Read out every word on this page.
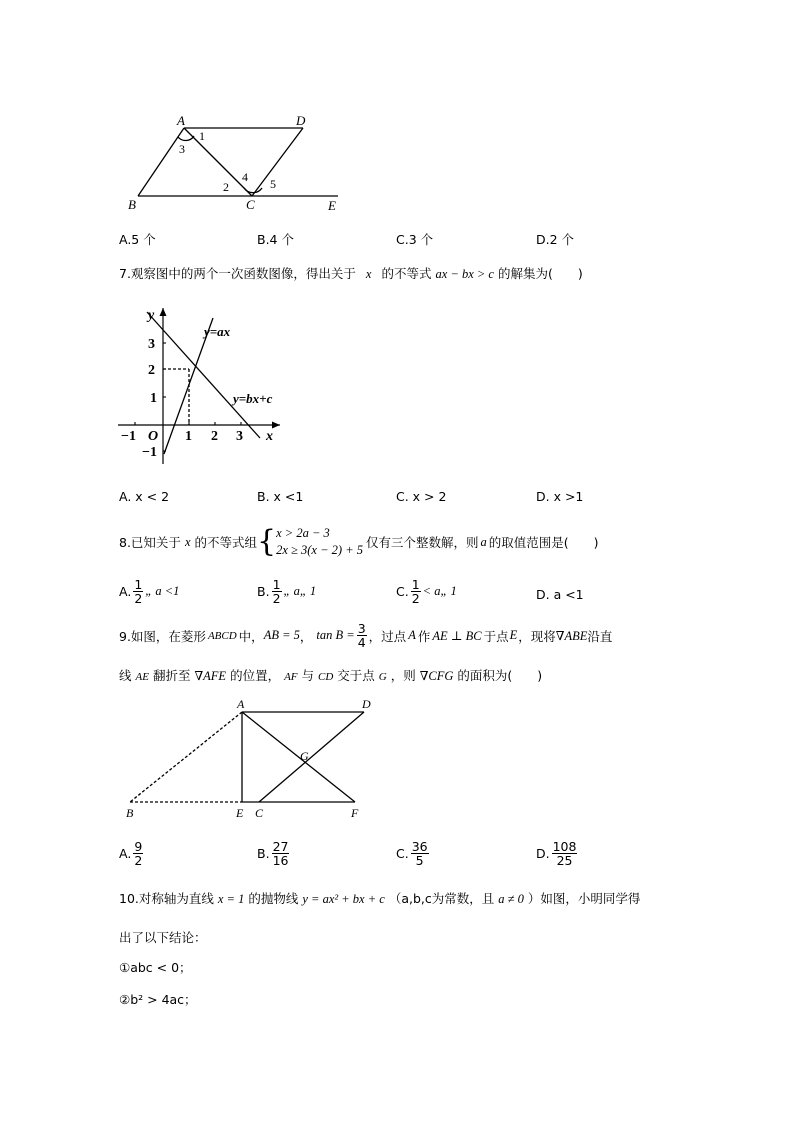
A	D
B	C	E
1
3
2
4 5
A.5 个	B.4 个	C.3 个	D.2 个
7.观察图中的两个一次函数图像，得出关于 x 的不等式 ax − bx > c 的解集为(　　)
y
x
O
y=ax
y=bx+c
−1	1 2 3
3
2
1
−1
A. x < 2	B. x <1	C. x > 2	D. x >1
8.已知关于 x 的不等式组 { x > 2a − 3
2x ≥ 3(x − 2) + 5 仅有三个整数解，则 a 的取值范围是(　　)
A. $\frac{1}{2}$ „ a <1	B. $\frac{1}{2}$ „ a„ 1	C. $\frac{1}{2}$ < a„ 1	D. a <1
9.如图，在菱形 ABCD 中， AB = 5 ， $\tan B = \frac{3}{4}$ ，过点 A 作 AE ⊥ BC 于点 E ，现将 ∇ABE 沿直
线 AE 翻折至 ∇AFE 的位置， AF 与 CD 交于点 G ，则 ∇CFG 的面积为(　　)
A	D
B	E C	F
G
A. $\frac{9}{2}$	B. $\frac{27}{16}$	C. $\frac{36}{5}$	D. $\frac{108}{25}$
10.对称轴为直线 x = 1 的抛物线 y = ax² + bx + c （a,b,c为常数，且 a ≠ 0 ）如图，小明同学得
出了以下结论：
①abc < 0；
②b² > 4ac；
